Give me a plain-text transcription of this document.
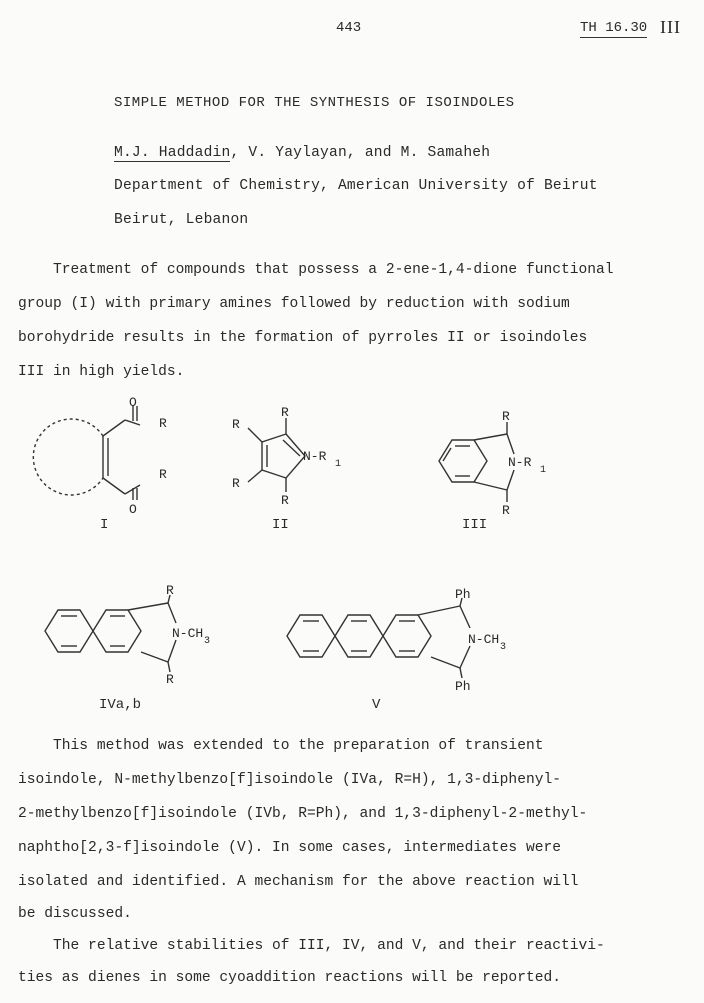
443	TH 16.30 III
SIMPLE METHOD FOR THE SYNTHESIS OF ISOINDOLES
M.J. Haddadin, V. Yaylayan, and M. Samaheh
Department of Chemistry, American University of Beirut
Beirut, Lebanon

Treatment of compounds that possess a 2-ene-1,4-dione functional

group (I) with primary amines followed by reduction with sodium

borohydride results in the formation of pyrroles II or isoindoles

III in high yields.

O
R
R
O
I
R
R
R
R
N-R
1
II
R
R
N-R
1
III
R
R
N-CH
3
IVa,b
Ph
Ph
N-CH
3
V

This method was extended to the preparation of transient

isoindole, N-methylbenzo[f]isoindole (IVa, R=H), 1,3-diphenyl-

2-methylbenzo[f]isoindole (IVb, R=Ph), and 1,3-diphenyl-2-methyl-

naphtho[2,3-f]isoindole (V). In some cases, intermediates were

isolated and identified. A mechanism for the above reaction will

be discussed.

The relative stabilities of III, IV, and V, and their reactivi-

ties as dienes in some cyoaddition reactions will be reported.
